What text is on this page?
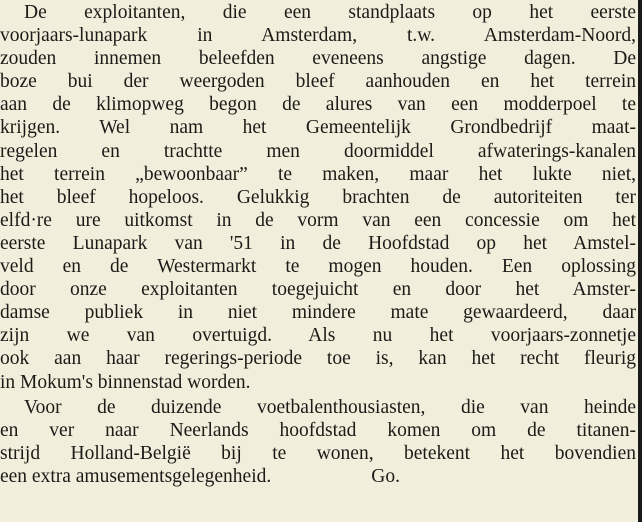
De exploitanten, die een standplaats op het eerste
voorjaars-lunapark in Amsterdam, t.w. Amsterdam-Noord,
zouden innemen beleefden eveneens angstige dagen. De
boze bui der weergoden bleef aanhouden en het terrein
aan de klimopweg begon de alures van een modderpoel te
krijgen. Wel nam het Gemeentelijk Grondbedrijf maat-
regelen en trachtte men doormiddel afwaterings-kanalen
het terrein „bewoonbaar” te maken, maar het lukte niet,
het bleef hopeloos. Gelukkig brachten de autoriteiten ter
elfd·re ure uitkomst in de vorm van een concessie om het
eerste Lunapark van '51 in de Hoofdstad op het Amstel-
veld en de Westermarkt te mogen houden. Een oplossing
door onze exploitanten toegejuicht en door het Amster-
damse publiek in niet mindere mate gewaardeerd, daar
zijn we van overtuigd. Als nu het voorjaars-zonnetje
ook aan haar regerings-periode toe is, kan het recht fleurig
in Mokum's binnenstad worden.
Voor de duizende voetbalenthousiasten, die van heinde
en ver naar Neerlands hoofdstad komen om de titanen-
strijd Holland-België bij te wonen, betekent het bovendien
een extra amusementsgelegenheid.	Go.
